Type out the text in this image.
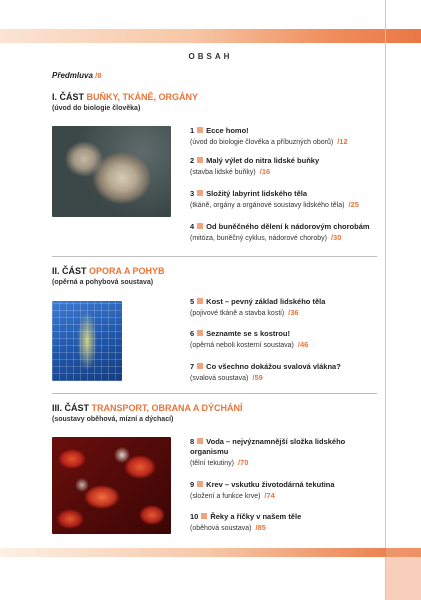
OBSAH
Předmluva /8
I. ČÁST BUŇKY, TKÁNĚ, ORGÁNY
(úvod do biologie člověka)
1 Ecce homo!
(úvod do biologie člověka a příbuzných oborů) /12
2 Malý výlet do nitra lidské buňky
(stavba lidské buňky) /16
3 Složitý labyrint lidského těla
(tkáně, orgány a orgánové soustavy lidského těla) /25
4 Od buněčného dělení k nádorovým chorobám
(mitóza, buněčný cyklus, nádorové choroby) /30
II. ČÁST OPORA A POHYB
(opěrná a pohybová soustava)
5 Kost – pevný základ lidského těla
(pojivové tkáně a stavba kosti) /36
6 Seznamte se s kostrou!
(opěrná neboli kosterní soustava) /46
7 Co všechno dokážou svalová vlákna?
(svalová soustava) /59
III. ČÁST TRANSPORT, OBRANA A DÝCHÁNÍ
(soustavy oběhová, mízní a dýchací)
8 Voda – nejvýznamnější složka lidského organismu
(tělní tekutiny) /70
9 Krev – vskutku životodárná tekutina
(složení a funkce krve) /74
10 Řeky a říčky v našem těle
(oběhová soustava) /85
